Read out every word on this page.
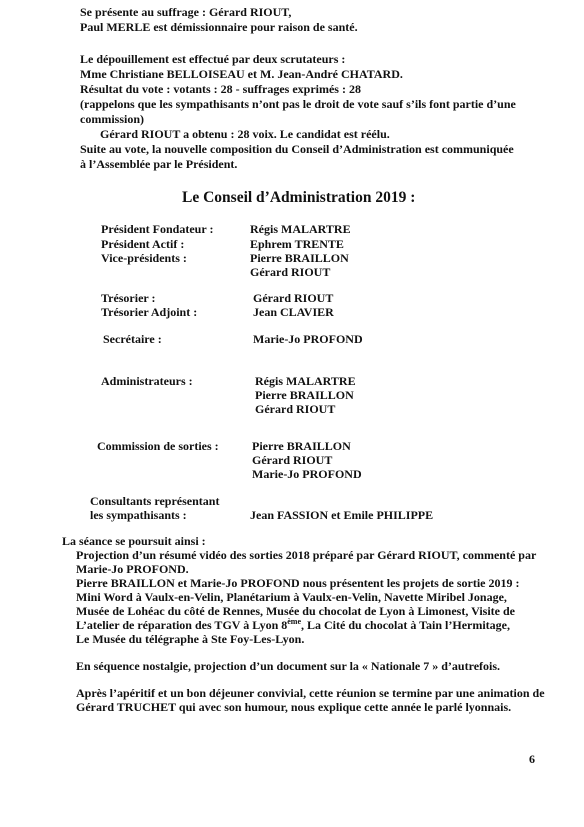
Se présente au suffrage : Gérard RIOUT,
Paul MERLE est démissionnaire pour raison de santé.
Le dépouillement est effectué par deux scrutateurs :
Mme Christiane BELLOISEAU et M. Jean-André CHATARD.
Résultat du vote : votants : 28 - suffrages exprimés : 28
(rappelons que les sympathisants n’ont pas le droit de vote sauf s’ils font partie d’une
commission)
Gérard RIOUT a obtenu : 28 voix. Le candidat est réélu.
Suite au vote, la nouvelle composition du Conseil d’Administration est communiquée
à l’Assemblée par le Président.
Le Conseil d’Administration 2019 :
Président Fondateur :	Régis MALARTRE
Président Actif :	Ephrem TRENTE
Vice-présidents :	Pierre BRAILLON
Gérard RIOUT
Trésorier :	Gérard RIOUT
Trésorier Adjoint :	Jean CLAVIER
Secrétaire :	Marie-Jo PROFOND
Administrateurs :	Régis MALARTRE
Pierre BRAILLON
Gérard RIOUT
Commission de sorties :	Pierre BRAILLON
Gérard RIOUT
Marie-Jo PROFOND
Consultants représentant
les sympathisants :	Jean FASSION et Emile PHILIPPE
La séance se poursuit ainsi :
Projection d’un résumé vidéo des sorties 2018 préparé par Gérard RIOUT, commenté par
Marie-Jo PROFOND.
Pierre BRAILLON et Marie-Jo PROFOND nous présentent les projets de sortie 2019 :
Mini Word à Vaulx-en-Velin, Planétarium à Vaulx-en-Velin, Navette Miribel Jonage,
Musée de Lohéac du côté de Rennes, Musée du chocolat de Lyon à Limonest, Visite de
L’atelier de réparation des TGV à Lyon 8ème, La Cité du chocolat à Tain l’Hermitage,
Le Musée du télégraphe à Ste Foy-Les-Lyon.
En séquence nostalgie, projection d’un document sur la « Nationale 7 » d’autrefois.
Après l’apéritif et un bon déjeuner convivial, cette réunion se termine par une animation de
Gérard TRUCHET qui avec son humour, nous explique cette année le parlé lyonnais.
6
